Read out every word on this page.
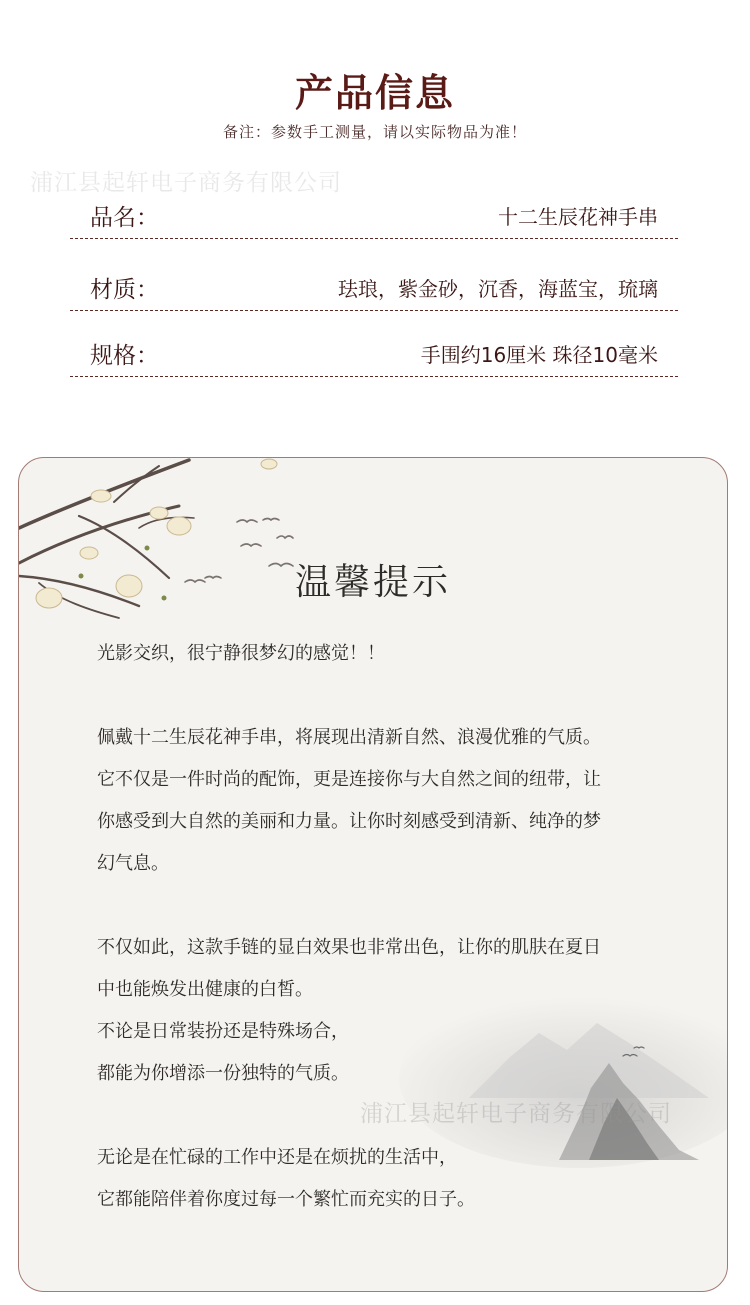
产品信息
备注：参数手工测量，请以实际物品为准！
浦江县起轩电子商务有限公司
品名：	十二生辰花神手串
材质：	珐琅，紫金砂，沉香，海蓝宝，琉璃
规格：	手围约16厘米 珠径10毫米
温馨提示

光影交织，很宁静很梦幻的感觉！！

佩戴十二生辰花神手串，将展现出清新自然、浪漫优雅的气质。
它不仅是一件时尚的配饰，更是连接你与大自然之间的纽带，让
你感受到大自然的美丽和力量。让你时刻感受到清新、纯净的梦
幻气息。

不仅如此，这款手链的显白效果也非常出色，让你的肌肤在夏日
中也能焕发出健康的白皙。
不论是日常装扮还是特殊场合，
都能为你增添一份独特的气质。

无论是在忙碌的工作中还是在烦扰的生活中，
它都能陪伴着你度过每一个繁忙而充实的日子。

浦江县起轩电子商务有限公司
